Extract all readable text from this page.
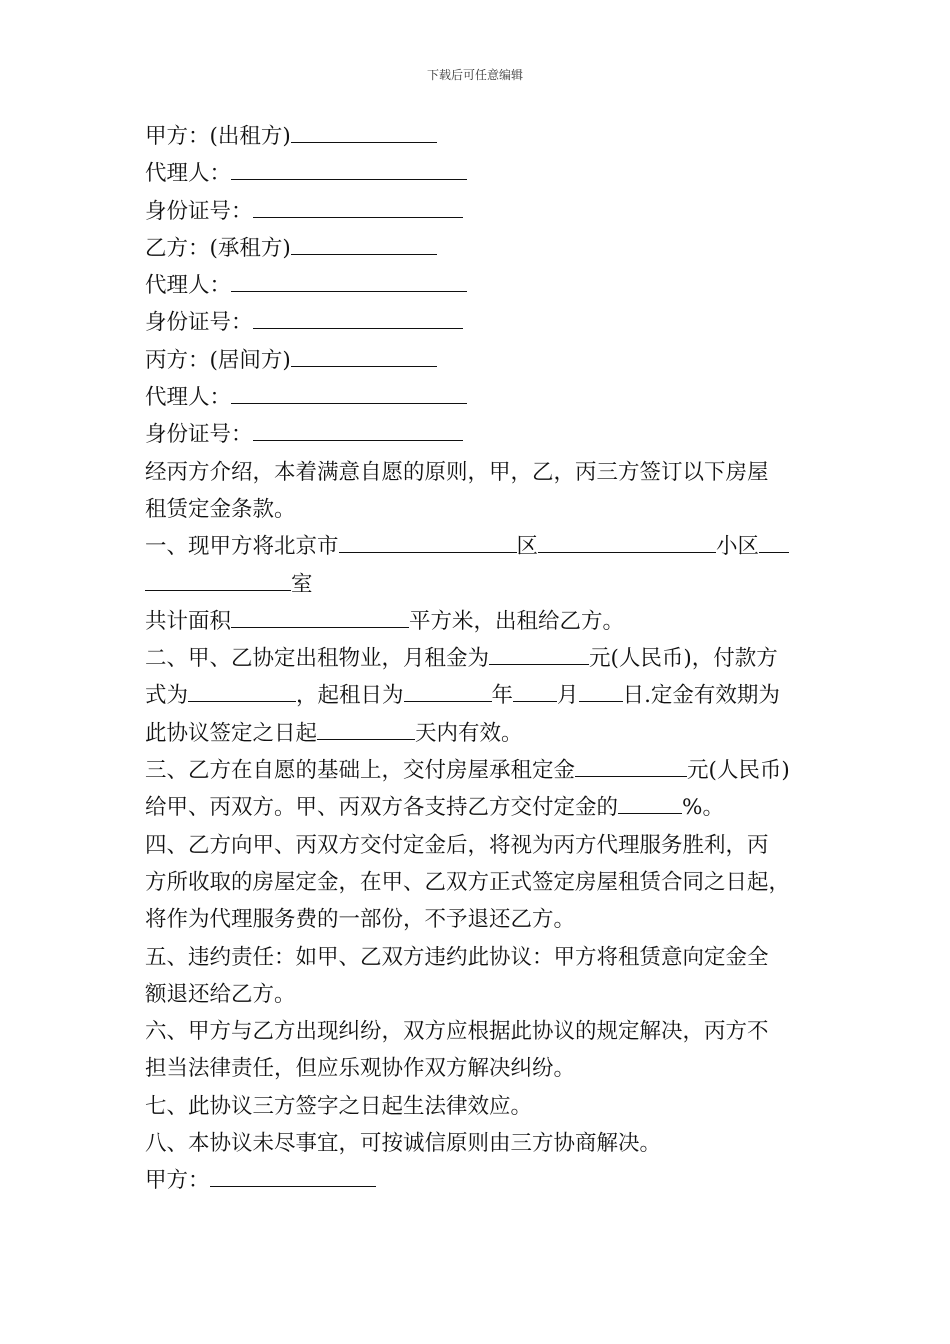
下载后可任意编辑
甲方：(出租方)
代理人：
身份证号：
乙方：(承租方)
代理人：
身份证号：
丙方：(居间方)
代理人：
身份证号：
经丙方介绍，本着满意自愿的原则，甲，乙，丙三方签订以下房屋
租赁定金条款。
一、现甲方将北京市	区	小区
室
共计面积	平方米，出租给乙方。
二、甲、乙协定出租物业，月租金为	元(人民币)，付款方
式为	，起租日为	年 月 日.定金有效期为
此协议签定之日起	天内有效。
三、乙方在自愿的基础上，交付房屋承租定金	元(人民币)
给甲、丙双方。甲、丙双方各支持乙方交付定金的	%。
四、乙方向甲、丙双方交付定金后，将视为丙方代理服务胜利，丙
方所收取的房屋定金，在甲、乙双方正式签定房屋租赁合同之日起，
将作为代理服务费的一部份，不予退还乙方。
五、违约责任：如甲、乙双方违约此协议：甲方将租赁意向定金全
额退还给乙方。
六、甲方与乙方出现纠纷，双方应根据此协议的规定解决，丙方不
担当法律责任，但应乐观协作双方解决纠纷。
七、此协议三方签字之日起生法律效应。
八、本协议未尽事宜，可按诚信原则由三方协商解决。
甲方：
